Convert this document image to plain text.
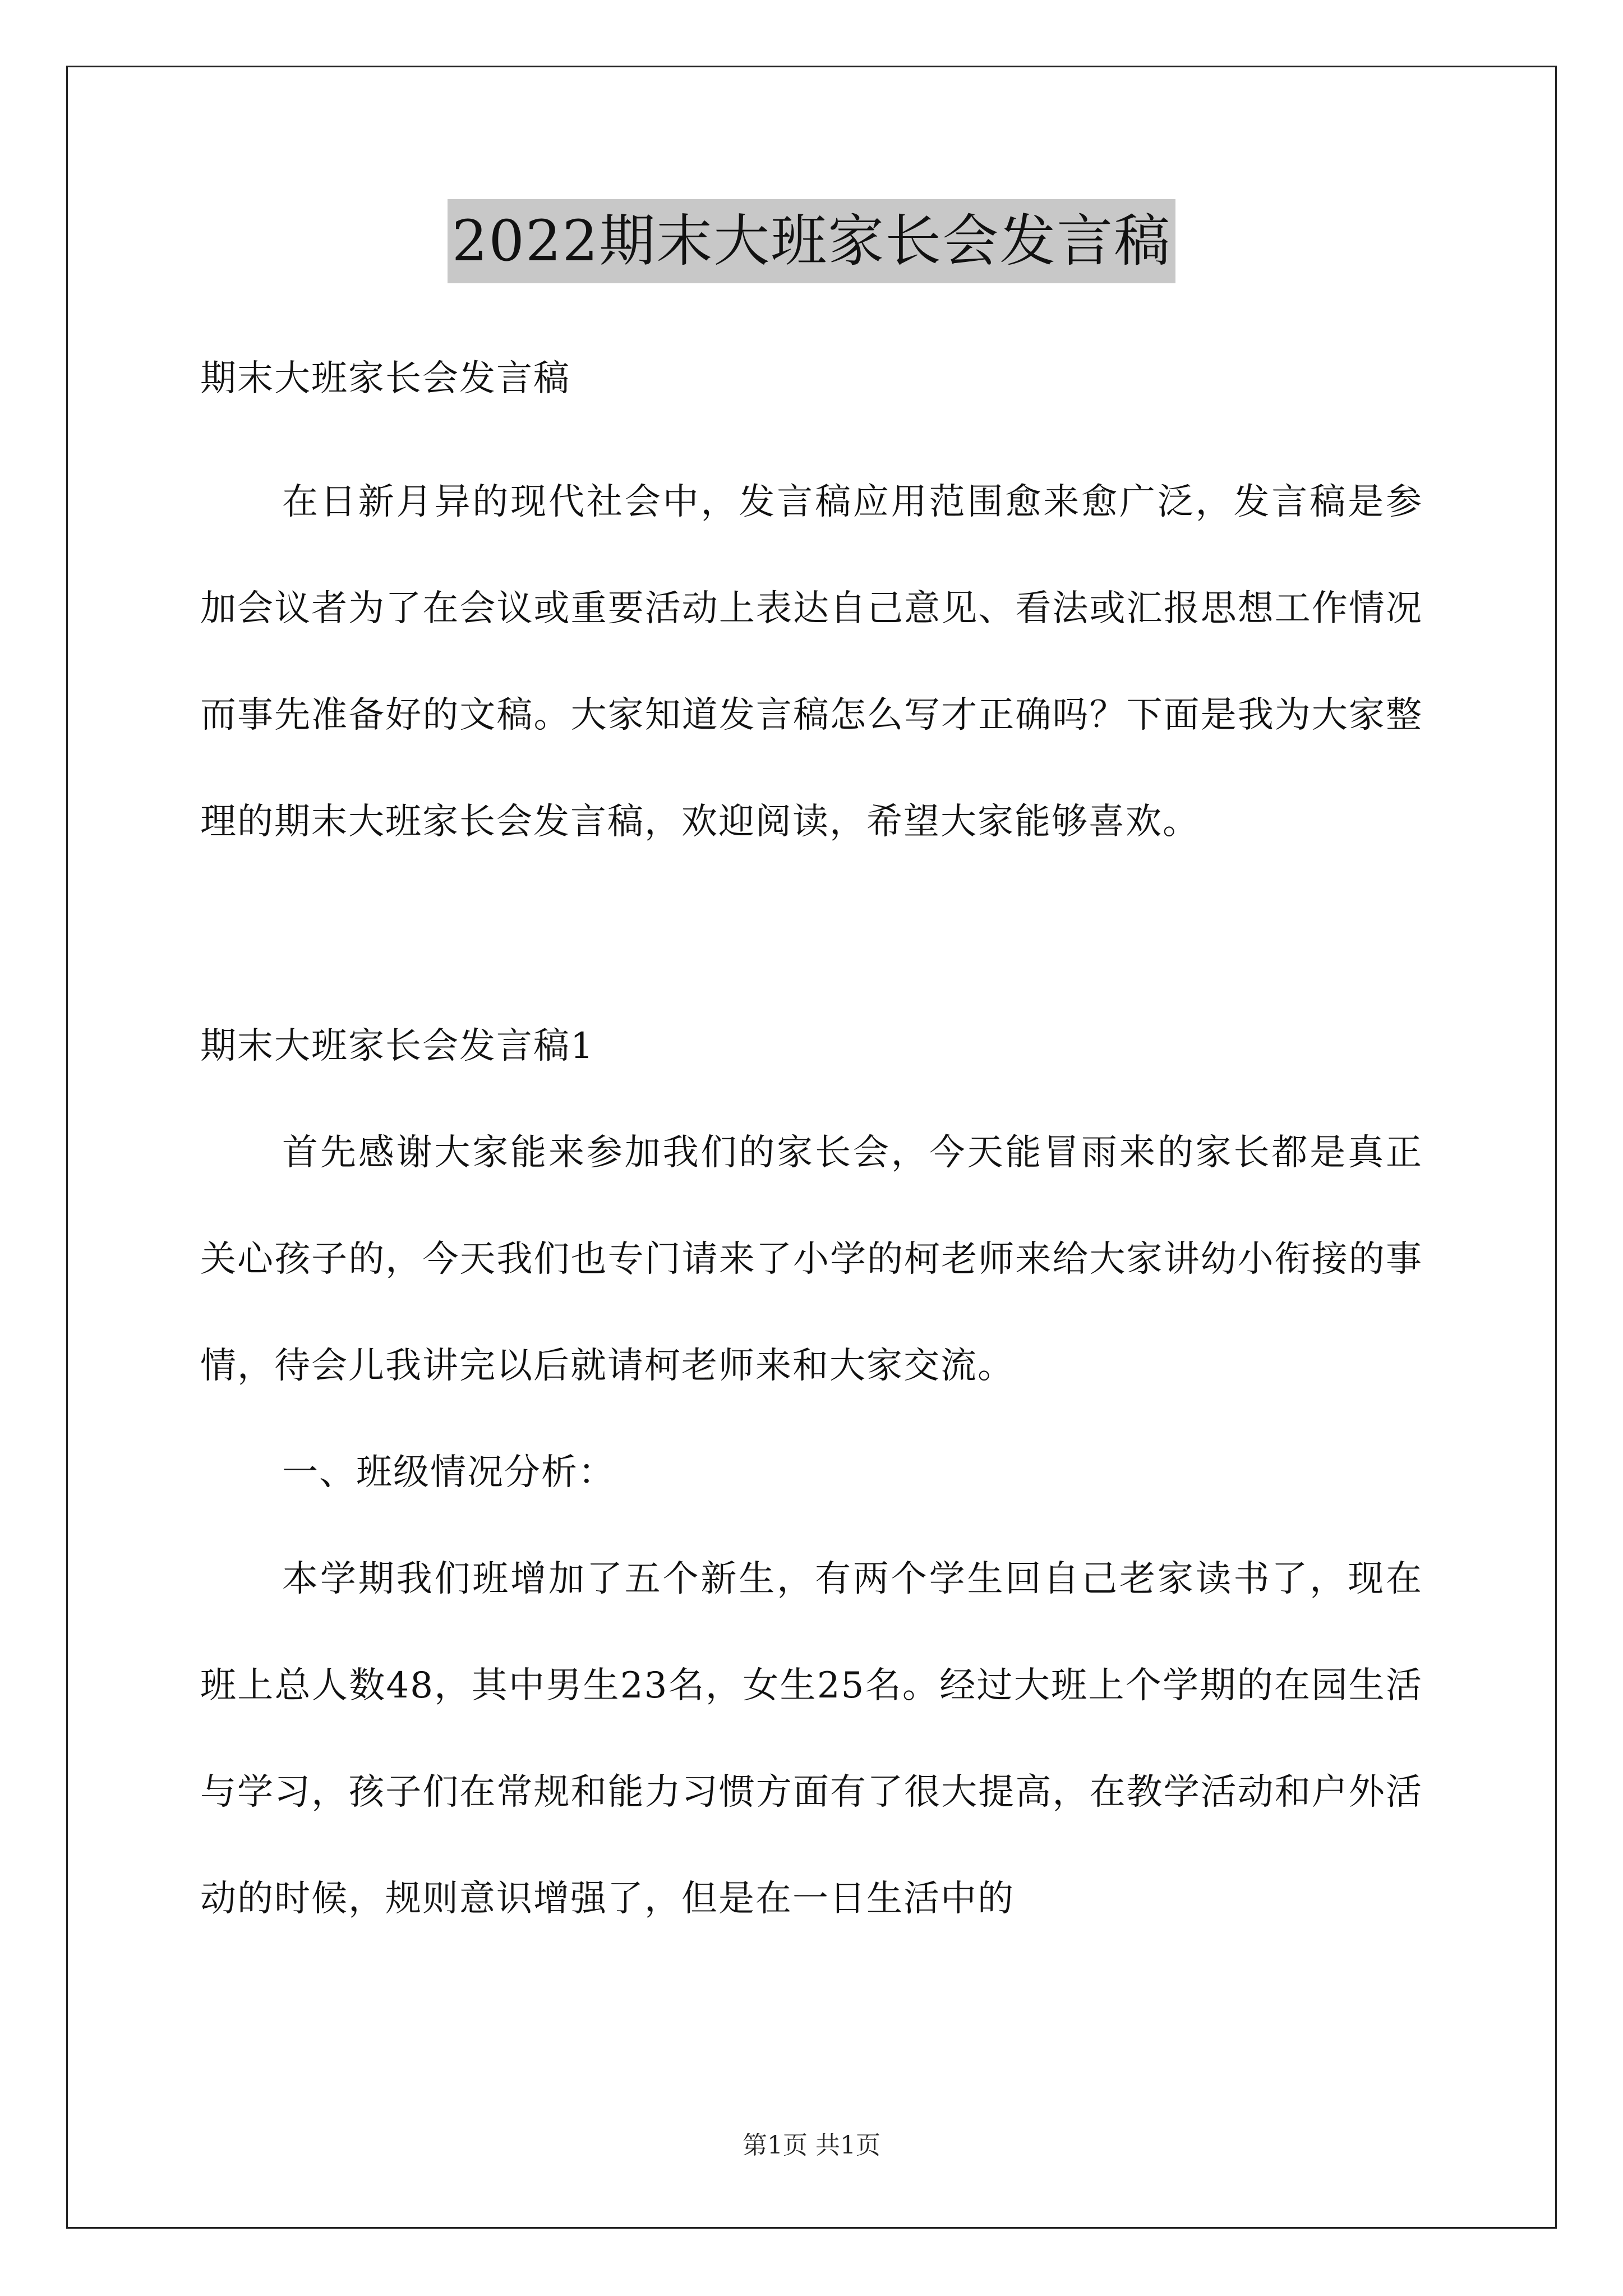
2022期末大班家长会发言稿

期末大班家长会发言稿

在日新月异的现代社会中，发言稿应用范围愈来愈广泛，发言稿是参加会议者为了在会议或重要活动上表达自己意见、看法或汇报思想工作情况而事先准备好的文稿。大家知道发言稿怎么写才正确吗？下面是我为大家整理的期末大班家长会发言稿，欢迎阅读，希望大家能够喜欢。

期末大班家长会发言稿1

首先感谢大家能来参加我们的家长会，今天能冒雨来的家长都是真正关心孩子的，今天我们也专门请来了小学的柯老师来给大家讲幼小衔接的事情，待会儿我讲完以后就请柯老师来和大家交流。

一、班级情况分析：

本学期我们班增加了五个新生，有两个学生回自己老家读书了，现在班上总人数48，其中男生23名，女生25名。经过大班上个学期的在园生活与学习，孩子们在常规和能力习惯方面有了很大提高，在教学活动和户外活动的时候，规则意识增强了，但是在一日生活中的

第1页 共1页
